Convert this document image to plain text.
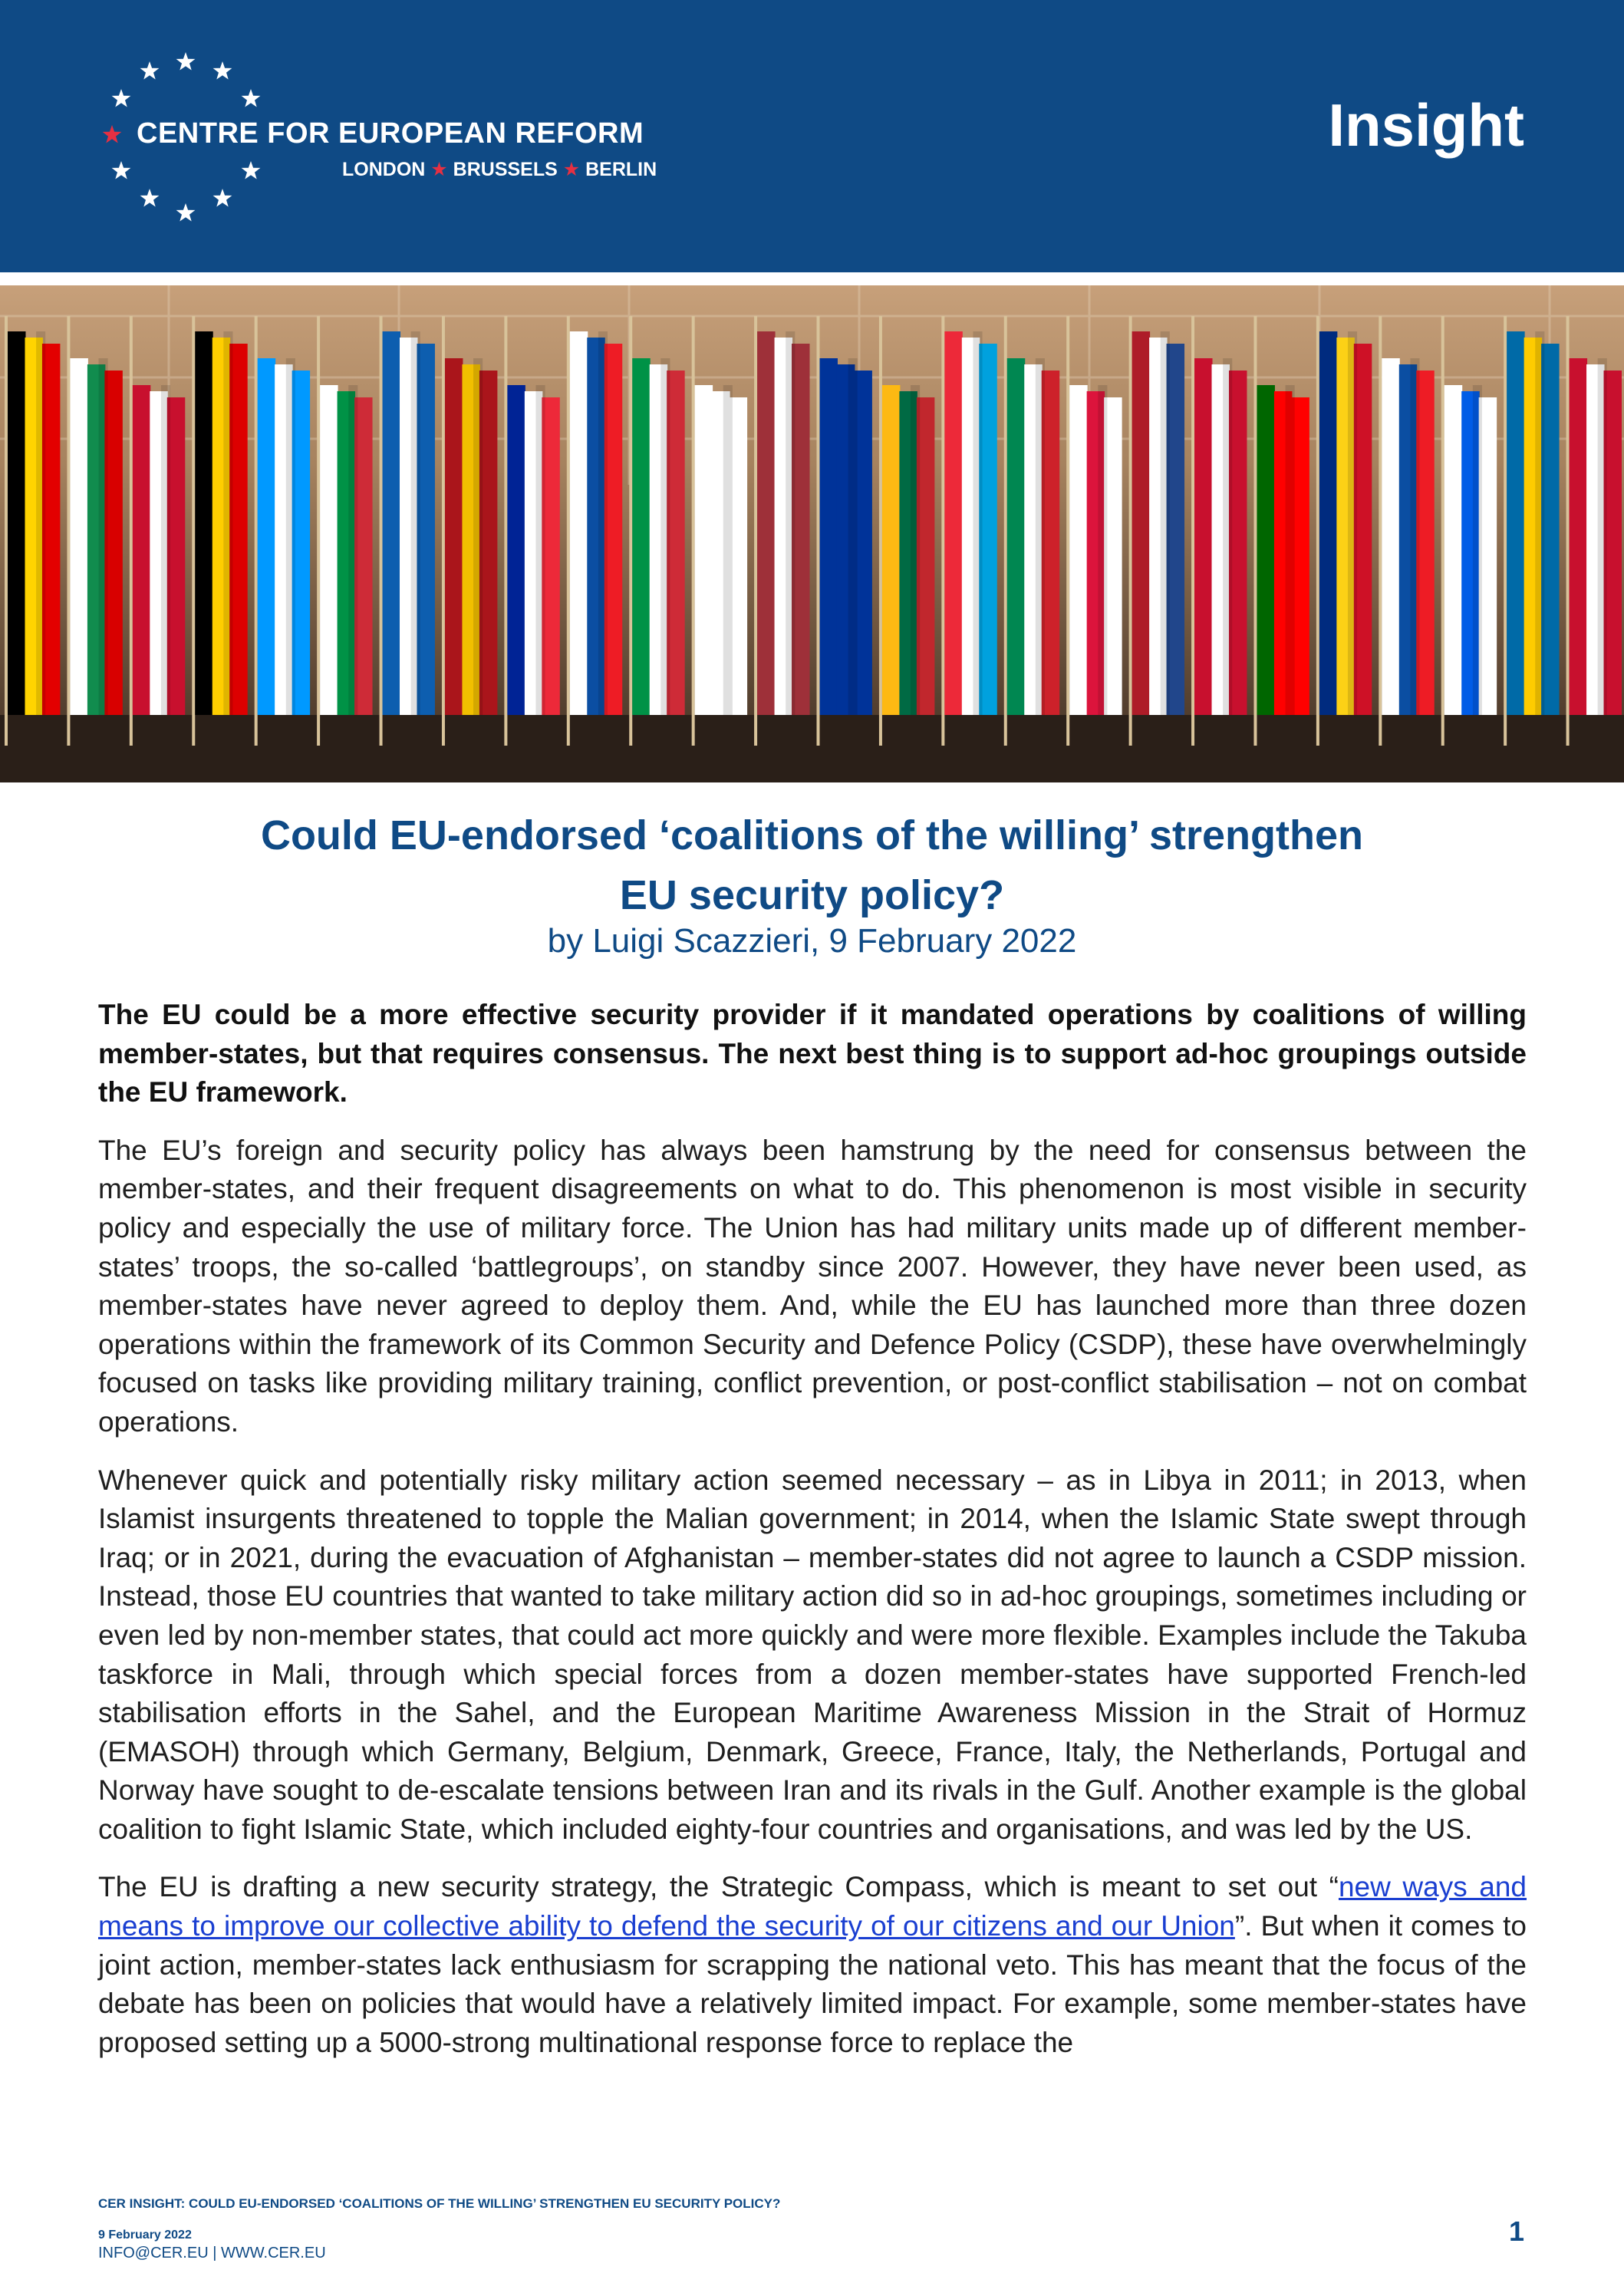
CENTRE FOR EUROPEAN REFORM
LONDON ★ BRUSSELS ★ BERLIN
Insight
Could EU-endorsed ‘coalitions of the willing’ strengthen
EU security policy?
by Luigi Scazzieri, 9 February 2022

The EU could be a more effective security provider if it mandated operations by coalitions of willing member-states, but that requires consensus. The next best thing is to support ad-hoc groupings outside the EU framework.

The EU’s foreign and security policy has always been hamstrung by the need for consensus between the member-states, and their frequent disagreements on what to do. This phenomenon is most visible in security policy and especially the use of military force. The Union has had military units made up of different member-states’ troops, the so-called ‘battlegroups’, on standby since 2007. However, they have never been used, as member-states have never agreed to deploy them. And, while the EU has launched more than three dozen operations within the framework of its Common Security and Defence Policy (CSDP), these have overwhelmingly focused on tasks like providing military training, conflict prevention, or post-conflict stabilisation – not on combat operations.

Whenever quick and potentially risky military action seemed necessary – as in Libya in 2011; in 2013, when Islamist insurgents threatened to topple the Malian government; in 2014, when the Islamic State swept through Iraq; or in 2021, during the evacuation of Afghanistan – member-states did not agree to launch a CSDP mission. Instead, those EU countries that wanted to take military action did so in ad-hoc groupings, sometimes including or even led by non-member states, that could act more quickly and were more flexible. Examples include the Takuba taskforce in Mali, through which special forces from a dozen member-states have supported French-led stabilisation efforts in the Sahel, and the European Maritime Awareness Mission in the Strait of Hormuz (EMASOH) through which Germany, Belgium, Denmark, Greece, France, Italy, the Netherlands, Portugal and Norway have sought to de-escalate tensions between Iran and its rivals in the Gulf. Another example is the global coalition to fight Islamic State, which included eighty-four countries and organisations, and was led by the US.

The EU is drafting a new security strategy, the Strategic Compass, which is meant to set out “new ways and means to improve our collective ability to defend the security of our citizens and our Union”. But when it comes to joint action, member-states lack enthusiasm for scrapping the national veto. This has meant that the focus of the debate has been on policies that would have a relatively limited impact. For example, some member-states have proposed setting up a 5000-strong multinational response force to replace the

CER INSIGHT: COULD EU-ENDORSED ‘COALITIONS OF THE WILLING’ STRENGTHEN EU SECURITY POLICY?
9 February 2022
INFO@CER.EU | WWW.CER.EU
1
